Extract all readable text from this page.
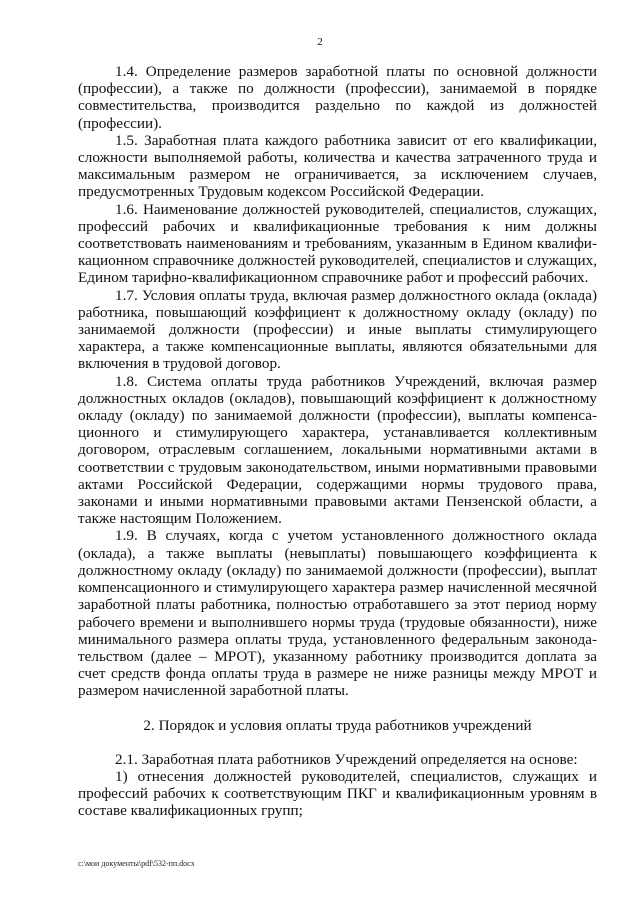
2

1.4. Определение размеров заработной платы по основной должности (профессии), а также по должности (профессии), занимаемой в порядке совместительства, производится раздельно по каждой из должностей (профессии).

1.5. Заработная плата каждого работника зависит от его квалификации, сложности выполняемой работы, количества и качества затраченного труда и максимальным размером не ограничивается, за исключением случаев, предусмотренных Трудовым кодексом Российской Федерации.

1.6. Наименование должностей руководителей, специалистов, служащих, профессий рабочих и квалификационные требования к ним должны соответствовать наименованиям и требованиям, указанным в Едином квалификационном справочнике должностей руководителей, специалистов и служащих, Едином тарифно-квалификационном справочнике работ и профессий рабочих.

1.7. Условия оплаты труда, включая размер должностного оклада (оклада) работника, повышающий коэффициент к должностному окладу (окладу) по занимаемой должности (профессии) и иные выплаты стимулирующего характера, а также компенсационные выплаты, являются обязательными для включения в трудовой договор.

1.8. Система оплаты труда работников Учреждений, включая размер должностных окладов (окладов), повышающий коэффициент к должностному окладу (окладу) по занимаемой должности (профессии), выплаты компенсационного и стимулирующего характера, устанавливается коллективным договором, отраслевым соглашением, локальными нормативными актами в соответствии с трудовым законодательством, иными нормативными правовыми актами Российской Федерации, содержащими нормы трудового права, законами и иными нормативными правовыми актами Пензенской области, а также настоящим Положением.

1.9. В случаях, когда с учетом установленного должностного оклада (оклада), а также выплаты (невыплаты) повышающего коэффициента к должностному окладу (окладу) по занимаемой должности (профессии), выплат компенсационного и стимулирующего характера размер начисленной месячной заработной платы работника, полностью отработавшего за этот период норму рабочего времени и выполнившего нормы труда (трудовые обязанности), ниже минимального размера оплаты труда, установленного федеральным законодательством (далее – МРОТ), указанному работнику производится доплата за счет средств фонда оплаты труда в размере не ниже разницы между МРОТ и размером начисленной заработной платы.

2. Порядок и условия оплаты труда работников учреждений

2.1. Заработная плата работников Учреждений определяется на основе:

1) отнесения должностей руководителей, специалистов, служащих и профессий рабочих к соответствующим ПКГ и квалификационным уровням в составе квалификационных групп;

c:\мои документы\pdf\532-пп.docx
